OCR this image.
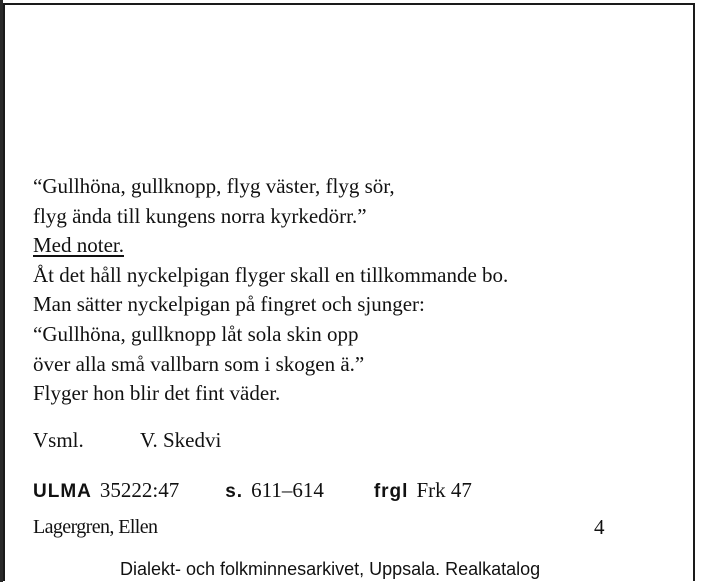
“Gullhöna, gullknopp, flyg väster, flyg sör,
flyg ända till kungens norra kyrkedörr.”
Med noter.
Åt det håll nyckelpigan flyger skall en tillkommande bo.
Man sätter nyckelpigan på fingret och sjunger:
“Gullhöna, gullknopp låt sola skin opp
över alla små vallbarn som i skogen ä.”
Flyger hon blir det fint väder.
Vsml.	V. Skedvi
ULMA 35222:47 s. 611–614	frgl Frk 47
Lagergren, Ellen	4
Dialekt- och folkminnesarkivet, Uppsala. Realkatalog
